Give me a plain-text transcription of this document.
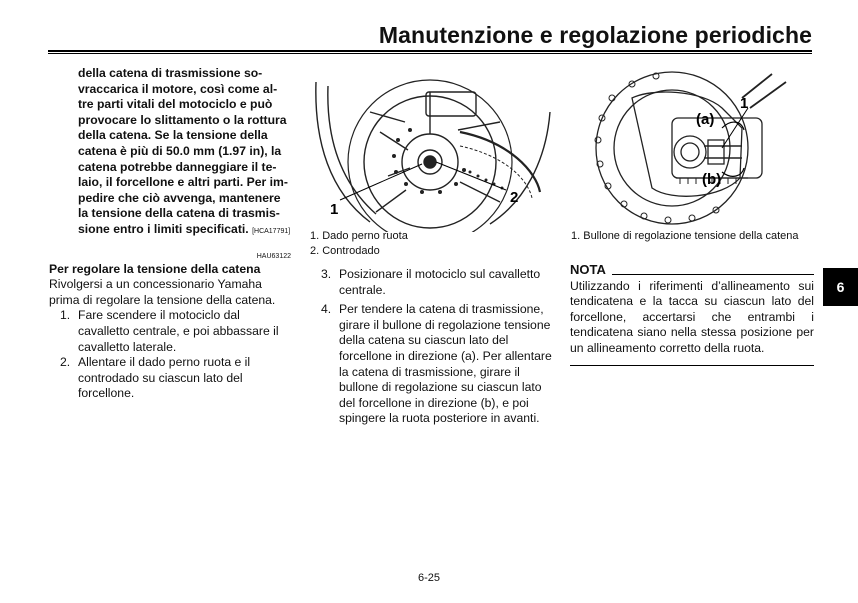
Manutenzione e regolazione periodiche
della catena di trasmissione so-
vraccarica il motore, così come al-
tre parti vitali del motociclo e può
provocare lo slittamento o la rottura
della catena. Se la tensione della
catena è più di 50.0 mm (1.97 in), la
catena potrebbe danneggiare il te-
laio, il forcellone e altri parti. Per im-
pedire che ciò avvenga, mantenere
la tensione della catena di trasmis-
sione entro i limiti specificati. [HCA17791]
HAU63122
Per regolare la tensione della catena
Rivolgersi a un concessionario Yamaha prima di regolare la tensione della catena.
1. Fare scendere il motociclo dal cavalletto centrale, e poi abbassare il cavalletto laterale.
2. Allentare il dado perno ruota e il controdado su ciascun lato del forcellone.
1
2
1. Dado perno ruota
2. Controdado
3. Posizionare il motociclo sul cavalletto centrale.
4. Per tendere la catena di trasmissione, girare il bullone di regolazione tensione della catena su ciascun lato del forcellone in direzione (a). Per allentare la catena di trasmissione, girare il bullone di regolazione su ciascun lato del forcellone in direzione (b), e poi spingere la ruota posteriore in avanti.
1
(a)
(b)
1. Bullone di regolazione tensione della catena
NOTA
Utilizzando i riferimenti d’allineamento sui tendicatena e la tacca su ciascun lato del forcellone, accertarsi che entrambi i tendicatena siano nella stessa posizione per un allineamento corretto della ruota.
6
6-25
